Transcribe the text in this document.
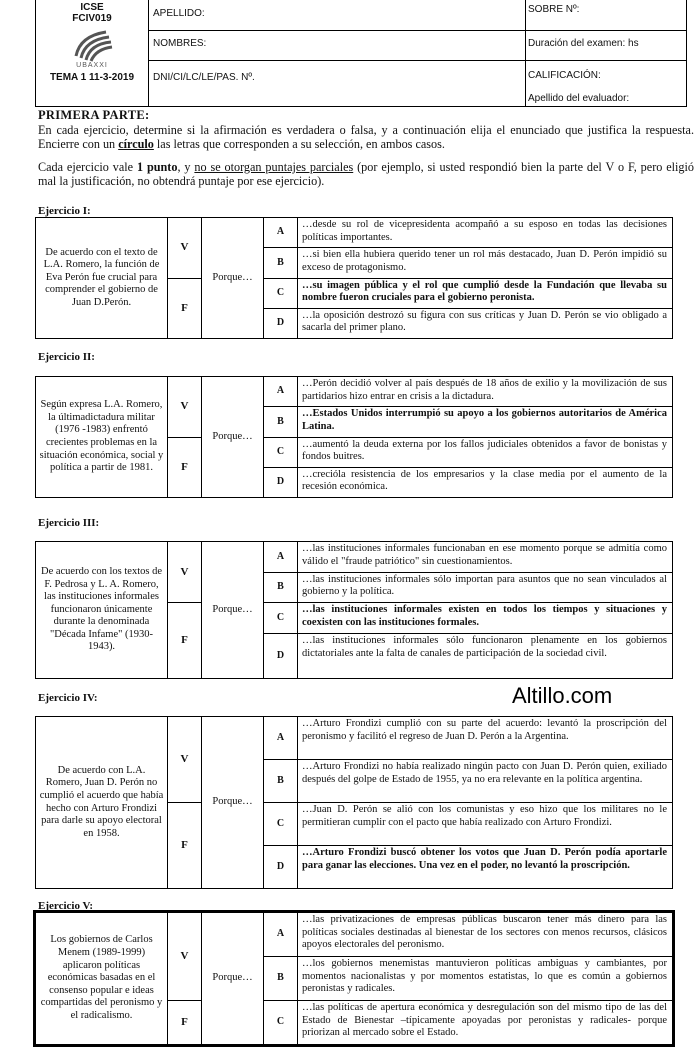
ICSE
FCIV019
UBAXXI
TEMA 1 11-3-2019
APELLIDO:
NOMBRES:
DNI/CI/LC/LE/PAS. Nº.
SOBRE Nº:
Duración del examen: hs
CALIFICACIÓN:
Apellido del evaluador:
PRIMERA PARTE:
En cada ejercicio, determine si la afirmación es verdadera o falsa, y a continuación elija el enunciado que justifica la respuesta. Encierre con un círculo las letras que corresponden a su selección, en ambos casos.
Cada ejercicio vale 1 punto, y no se otorgan puntajes parciales (por ejemplo, si usted respondió bien la parte del V o F, pero eligió mal la justificación, no obtendrá puntaje por ese ejercicio).
Ejercicio I:
De acuerdo con el texto de L.A. Romero, la función de Eva Perón fue crucial para comprender el gobierno de Juan D.Perón.	V	Porque…	A	…desde su rol de vicepresidenta acompañó a su esposo en todas las decisiones políticas importantes.
			B	…si bien ella hubiera querido tener un rol más destacado, Juan D. Perón impidió su exceso de protagonismo.
	F		C	…su imagen pública y el rol que cumplió desde la Fundación que llevaba su nombre fueron cruciales para el gobierno peronista.
			D	…la oposición destrozó su figura con sus críticas y Juan D. Perón se vio obligado a sacarla del primer plano.
Ejercicio II:
Según expresa L.A. Romero, la últimadictadura militar (1976 -1983) enfrentó crecientes problemas en la situación económica, social y política a partir de 1981.	V	Porque…	A	…Perón decidió volver al país después de 18 años de exilio y la movilización de sus partidarios hizo entrar en crisis a la dictadura.
			B	…Estados Unidos interrumpió su apoyo a los gobiernos autoritarios de América Latina.
	F		C	…aumentó la deuda externa por los fallos judiciales obtenidos a favor de bonistas y fondos buitres.
			D	…crecióla resistencia de los empresarios y la clase media por el aumento de la recesión económica.
Ejercicio III:
De acuerdo con los textos de F. Pedrosa y L. A. Romero, las instituciones informales funcionaron únicamente durante la denominada "Década Infame" (1930-1943).	V	Porque…	A	…las instituciones informales funcionaban en ese momento porque se admitía como válido el "fraude patriótico" sin cuestionamientos.
			B	…las instituciones informales sólo importan para asuntos que no sean vinculados al gobierno y la política.
	F		C	…las instituciones informales existen en todos los tiempos y situaciones y coexisten con las instituciones formales.
			D	…las instituciones informales sólo funcionaron plenamente en los gobiernos dictatoriales ante la falta de canales de participación de la sociedad civil.
Altillo.com
Ejercicio IV:
De acuerdo con L.A. Romero, Juan D. Perón no cumplió el acuerdo que había hecho con Arturo Frondizi para darle su apoyo electoral en 1958.	V	Porque…	A	…Arturo Frondizi cumplió con su parte del acuerdo: levantó la proscripción del peronismo y facilitó el regreso de Juan D. Perón a la Argentina.
			B	…Arturo Frondizi no había realizado ningún pacto con Juan D. Perón quien, exiliado después del golpe de Estado de 1955, ya no era relevante en la política argentina.
	F		C	…Juan D. Perón se alió con los comunistas y eso hizo que los militares no le permitieran cumplir con el pacto que había realizado con Arturo Frondizi.
			D	…Arturo Frondizi buscó obtener los votos que Juan D. Perón podía aportarle para ganar las elecciones. Una vez en el poder, no levantó la proscripción.
Ejercicio V:
Los gobiernos de Carlos Menem (1989-1999) aplicaron políticas económicas basadas en el consenso popular e ideas compartidas del peronismo y el radicalismo.	V	Porque…	A	…las privatizaciones de empresas públicas buscaron tener más dinero para las políticas sociales destinadas al bienestar de los sectores con menos recursos, clásicos apoyos electorales del peronismo.
			B	…los gobiernos menemistas mantuvieron políticas ambiguas y cambiantes, por momentos nacionalistas y por momentos estatistas, lo que es común a gobiernos peronistas y radicales.
	F		C	…las políticas de apertura económica y desregulación son del mismo tipo de las del Estado de Bienestar –típicamente apoyadas por peronistas y radicales- porque priorizan al mercado sobre el Estado.
